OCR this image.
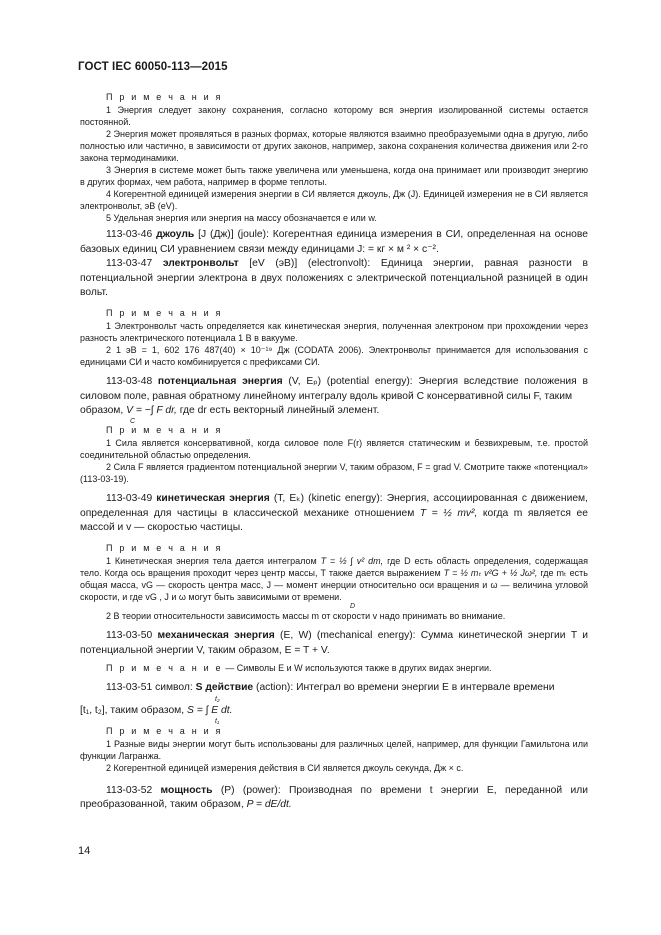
ГОСТ IEC 60050-113—2015
П р и м е ч а н и я

1 Энергия следует закону сохранения, согласно которому вся энергия изолированной системы остается постоянной.

2 Энергия может проявляться в разных формах, которые являются взаимно преобразуемыми одна в другую, либо полностью или частично, в зависимости от других законов, например, закона сохранения количества движения или 2-го закона термодинамики.

3 Энергия в системе может быть также увеличена или уменьшена, когда она принимает или производит энергию в других формах, чем работа, например в форме теплоты.

4 Когерентной единицей измерения энергии в СИ является джоуль, Дж (J). Единицей измерения не в СИ является электронвольт, эВ (eV).

5 Удельная энергия или энергия на массу обозначается e или w.

113-03-46 джоуль [J (Дж)] (joule): Когерентная единица измерения в СИ, определенная на основе базовых единиц СИ уравнением связи между единицами J: = кг × м ² × с⁻².

113-03-47 электронвольт [eV (эВ)] (electronvolt): Единица энергии, равная разности в потенциальной энергии электрона в двух положениях с электрической потенциальной разницей в один вольт.

П р и м е ч а н и я

1 Электронвольт часть определяется как кинетическая энергия, полученная электроном при прохождении через разность электрического потенциала 1 В в вакууме.

2 1 эВ = 1, 602 176 487(40) × 10⁻¹⁹ Дж (CODATA 2006). Электронвольт принимается для использования с единицами СИ и часто комбинируется с префиксами СИ.

113-03-48 потенциальная энергия (V, Eₚ) (potential energy): Энергия вследствие положения в силовом поле, равная обратному линейному интегралу вдоль кривой C консервативной силы F, таким

образом, V = −∫ F dr, где dr есть векторный линейный элемент.

C
П р и м е ч а н и я

1 Сила является консервативной, когда силовое поле F(r) является статическим и безвихревым, т.е. простой соединительной областью определения.

2 Сила F является градиентом потенциальной энергии V, таким образом, F = grad V. Смотрите также «потенциал» (113-03-19).

113-03-49 кинетическая энергия (T, Eₖ) (kinetic energy): Энергия, ассоциированная с движением, определенная для частицы в классической механике отношением T = ½ mv², когда m является ее массой и v — скоростью частицы.

П р и м е ч а н и я

1 Кинетическая энергия тела дается интегралом T = ½ ∫ v² dm, где D есть область определения, содержащая тело. Когда ось вращения проходит через центр массы, T также дается выражением T = ½ mₜ v²G + ½ Jω², где mₜ есть общая масса, vG — скорость центра масс, J — момент инерции относительно оси вращения и ω — величина угловой скорости, и где vG , J и ω могут быть зависимыми от времени.

D

2 В теории относительности зависимость массы m от скорости v надо принимать во внимание.

113-03-50 механическая энергия (E, W) (mechanical energy): Сумма кинетической энергии T и потенциальной энергии V, таким образом, E = T + V.

П р и м е ч а н и е — Символы E и W используются также в других видах энергии.

113-03-51 символ: S действие (action): Интеграл во времени энергии E в интервале времени

t₂

[t₁, t₂], таким образом, S = ∫ E dt.

t₁
П р и м е ч а н и я

1 Разные виды энергии могут быть использованы для различных целей, например, для функции Гамильтона или функции Лагранжа.

2 Когерентной единицей измерения действия в СИ является джоуль секунда, Дж × с.

113-03-52 мощность (P) (power): Производная по времени t энергии E, переданной или преобразованной, таким образом, P = dE/dt.

14
